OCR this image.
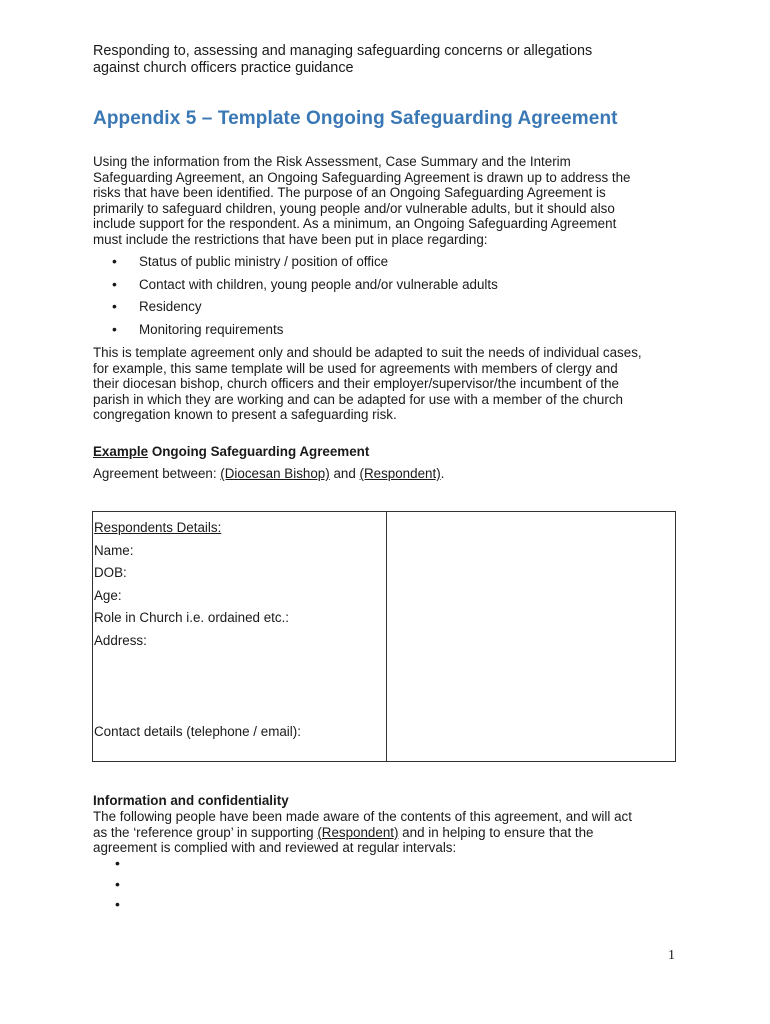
Responding to, assessing and managing safeguarding concerns or allegations
against church officers practice guidance
Appendix 5 – Template Ongoing Safeguarding Agreement
Using the information from the Risk Assessment, Case Summary and the Interim
Safeguarding Agreement, an Ongoing Safeguarding Agreement is drawn up to address the
risks that have been identified. The purpose of an Ongoing Safeguarding Agreement is
primarily to safeguard children, young people and/or vulnerable adults, but it should also
include support for the respondent. As a minimum, an Ongoing Safeguarding Agreement
must include the restrictions that have been put in place regarding:
• Status of public ministry / position of office
• Contact with children, young people and/or vulnerable adults
• Residency
• Monitoring requirements
This is template agreement only and should be adapted to suit the needs of individual cases,
for example, this same template will be used for agreements with members of clergy and
their diocesan bishop, church officers and their employer/supervisor/the incumbent of the
parish in which they are working and can be adapted for use with a member of the church
congregation known to present a safeguarding risk.

Example Ongoing Safeguarding Agreement

Agreement between: (Diocesan Bishop) and (Respondent).

Respondents Details:
Name:
DOB:
Age:
Role in Church i.e. ordained etc.:
Address:
Contact details (telephone / email):

Information and confidentiality

The following people have been made aware of the contents of this agreement, and will act
as the ‘reference group’ in supporting (Respondent) and in helping to ensure that the
agreement is complied with and reviewed at regular intervals:
•
•
•
1
